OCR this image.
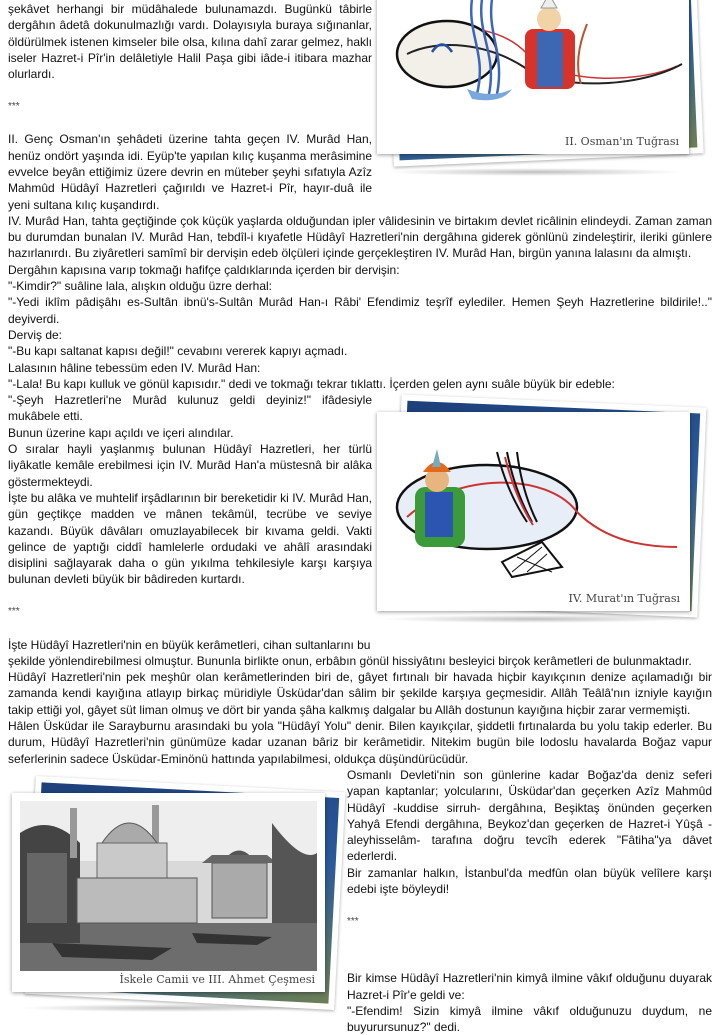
şekâvet herhangi bir müdâhalede bulunamazdı. Bugünkü tâbirle dergâhın âdetâ dokunulmazlığı vardı. Dolayısıyla buraya sığınanlar, öldürülmek istenen kimseler bile olsa, kılına dahî zarar gelmez, haklı iseler Hazret-i Pîr'in delâletiyle Halil Paşa gibi iâde-i itibara mazhar olurlardı.

***

II. Genç Osman'ın şehâdeti üzerine tahta geçen IV. Murâd Han, henüz ondört yaşında idi. Eyüp'te yapılan kılıç kuşanma merâsimine evvelce beyân ettiğimiz üzere devrin en müteber şeyhi sıfatıyla Azîz Mahmûd Hüdâyî Hazretleri çağırıldı ve Hazret-i Pîr, hayır-duâ ile yeni sultana kılıç kuşandırdı.

II. Osman'ın Tuğrası

IV. Murâd Han, tahta geçtiğinde çok küçük yaşlarda olduğundan ipler vâlidesinin ve birtakım devlet ricâlinin elindeydi. Zaman zaman bu durumdan bunalan IV. Murâd Han, tebdîl-i kıyafetle Hüdâyî Hazretleri'nin dergâhına giderek gönlünü zindeleştirir, ileriki günlere hazırlanırdı. Bu ziyâretleri samîmî bir dervişin edeb ölçüleri içinde gerçekleştiren IV. Murâd Han, birgün yanına lalasını da almıştı.

Dergâhın kapısına varıp tokmağı hafifçe çaldıklarında içerden bir dervişin:

"-Kimdir?" suâline lala, alışkın olduğu üzre derhal:

"-Yedi iklîm pâdişâhı es-Sultân ibnü's-Sultân Murâd Han-ı Râbi' Efendimiz teşrîf eylediler. Hemen Şeyh Hazretlerine bildirile!.." deyiverdi.

Derviş de:

"-Bu kapı saltanat kapısı değil!" cevabını vererek kapıyı açmadı.

Lalasının hâline tebessüm eden IV. Murâd Han:

"-Lala! Bu kapı kulluk ve gönül kapısıdır." dedi ve tokmağı tekrar tıklattı. İçerden gelen aynı suâle büyük bir edeble:

"-Şeyh Hazretleri'ne Murâd kulunuz geldi deyiniz!" ifâdesiyle mukâbele etti.

Bunun üzerine kapı açıldı ve içeri alındılar.

O sıralar hayli yaşlanmış bulunan Hüdâyî Hazretleri, her türlü liyâkatle kemâle erebilmesi için IV. Murâd Han'a müstesnâ bir alâka göstermekteydi.

İşte bu alâka ve muhtelif irşâdlarının bir bereketidir ki IV. Murâd Han, gün geçtikçe madden ve mânen tekâmül, tecrübe ve seviye kazandı. Büyük dâvâları omuzlayabilecek bir kıvama geldi. Vakti gelince de yaptığı ciddî hamlelerle ordudaki ve ahâlî arasındaki disiplini sağlayarak daha o gün yıkılma tehkilesiyle karşı karşıya bulunan devleti büyük bir bâdireden kurtardı.

***

İşte Hüdâyî Hazretleri'nin en büyük kerâmetleri, cihan sultanlarını bu

IV. Murat'ın Tuğrası

şekilde yönlendirebilmesi olmuştur. Bununla birlikte onun, erbâbın gönül hissiyâtını besleyici birçok kerâmetleri de bulunmaktadır.

Hüdâyî Hazretleri'nin pek meşhûr olan kerâmetlerinden biri de, gâyet fırtınalı bir havada hiçbir kayıkçının denize açılamadığı bir zamanda kendi kayığına atlayıp birkaç müridiyle Üsküdar'dan sâlim bir şekilde karşıya geçmesidir. Allâh Teâlâ'nın izniyle kayığın takip ettiği yol, gâyet süt liman olmuş ve dört bir yanda şâha kalkmış dalgalar bu Allâh dostunun kayığına hiçbir zarar vermemişti.

Hâlen Üsküdar ile Sarayburnu arasındaki bu yola "Hüdâyî Yolu" denir. Bilen kayıkçılar, şiddetli fırtınalarda bu yolu takip ederler. Bu durum, Hüdâyî Hazretleri'nin günümüze kadar uzanan bâriz bir kerâmetidir. Nitekim bugün bile lodoslu havalarda Boğaz vapur seferlerinin sadece Üsküdar-Eminönü hattında yapılabilmesi, oldukça düşündürücüdür.

İskele Camii ve III. Ahmet Çeşmesi

Osmanlı Devleti'nin son günlerine kadar Boğaz'da deniz seferi yapan kaptanlar; yolcularını, Üsküdar'dan geçerken Azîz Mahmûd Hüdâyî -kuddise sirruh- dergâhına, Beşiktaş önünden geçerken Yahyâ Efendi dergâhına, Beykoz'dan geçerken de Hazret-i Yûşâ -aleyhisselâm- tarafına doğru tevcîh ederek "Fâtiha"ya dâvet ederlerdi.

Bir zamanlar halkın, İstanbul'da medfûn olan büyük velîlere karşı edebi işte böyleydi!

***

Bir kimse Hüdâyî Hazretleri'nin kimyâ ilmine vâkıf olduğunu duyarak Hazret-i Pîr'e geldi ve:

"-Efendim! Sizin kimyâ ilmine vâkıf olduğunuzu duydum, ne buyurursunuz?" dedi.
